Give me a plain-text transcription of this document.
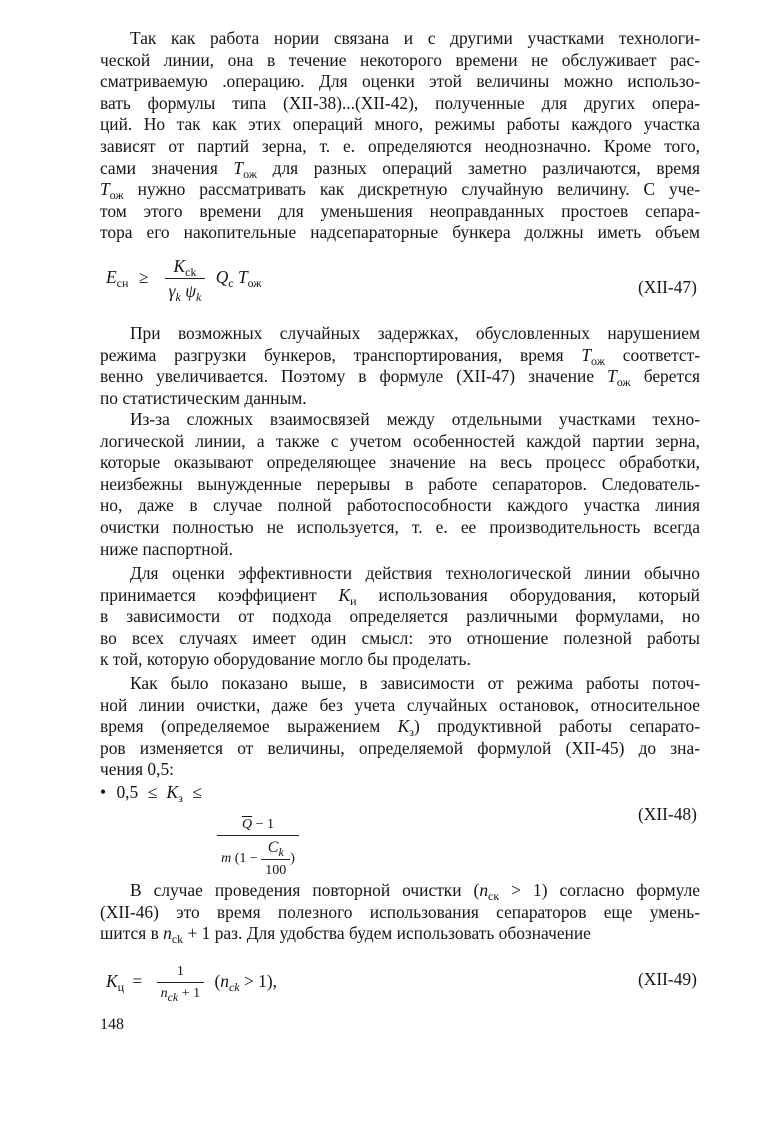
Так как работа нории связана и с другими участками технологи-
ческой линии, она в течение некоторого времени не обслуживает рас-
сматриваемую .операцию. Для оценки этой величины можно использо-
вать формулы типа (XII-38)...(XII-42), полученные для других опера-
ций. Но так как этих операций много, режимы работы каждого участка
зависят от партий зерна, т. е. определяются неоднозначно. Кроме того,
сами значения $T_{ож}$ для разных операций заметно различаются, время
$T_{ож}$ нужно рассматривать как дискретную случайную величину. С уче-
том этого времени для уменьшения неоправданных простоев сепара-
тора его накопительные надсепараторные бункера должны иметь объем
При возможных случайных задержках, обусловленных нарушением
режима разгрузки бункеров, транспортирования, время $T_{ож}$ соответст-
венно увеличивается. Поэтому в формуле (XII-47) значение $T_{ож}$ берется
по статистическим данным.
Из-за сложных взаимосвязей между отдельными участками техно-
логической линии, а также с учетом особенностей каждой партии зерна,
которые оказывают определяющее значение на весь процесс обработки,
неизбежны вынужденные перерывы в работе сепараторов. Следователь-
но, даже в случае полной работоспособности каждого участка линия
очистки полностью не используется, т. е. ее производительность всегда
ниже паспортной.
Для оценки эффективности действия технологической линии обычно
принимается коэффициент $K_и$ использования оборудования, который
в зависимости от подхода определяется различными формулами, но
во всех случаях имеет один смысл: это отношение полезной работы
к той, которую оборудование могло бы проделать.
Как было показано выше, в зависимости от режима работы поточ-
ной линии очистки, даже без учета случайных остановок, относительное
время (определяемое выражением $K_з$) продуктивной работы сепарато-
ров изменяется от величины, определяемой формулой (XII-45) до зна-
чения 0,5:
В случае проведения повторной очистки $(n_{ск} > 1)$ согласно формуле
(XII-46) это время полезного использования сепараторов еще умень-
шится в $n_{ck} + 1$ раз. Для удобства будем использовать обозначение
$E_{сн} \ge \frac{K_{ck}}{\gamma_k \psi_k} Q_с$ $T_{ож}$	(XII-47)
• $0,5 \le K_з$ ≤
$\frac{\overline{Q} - 1}{m (1 - \frac{C_k}{100} )}$
(XII-48)
$K_ц = \frac{1}{n_{ck} + 1} (n_{ck} > 1)$,	(XII-49)
148
